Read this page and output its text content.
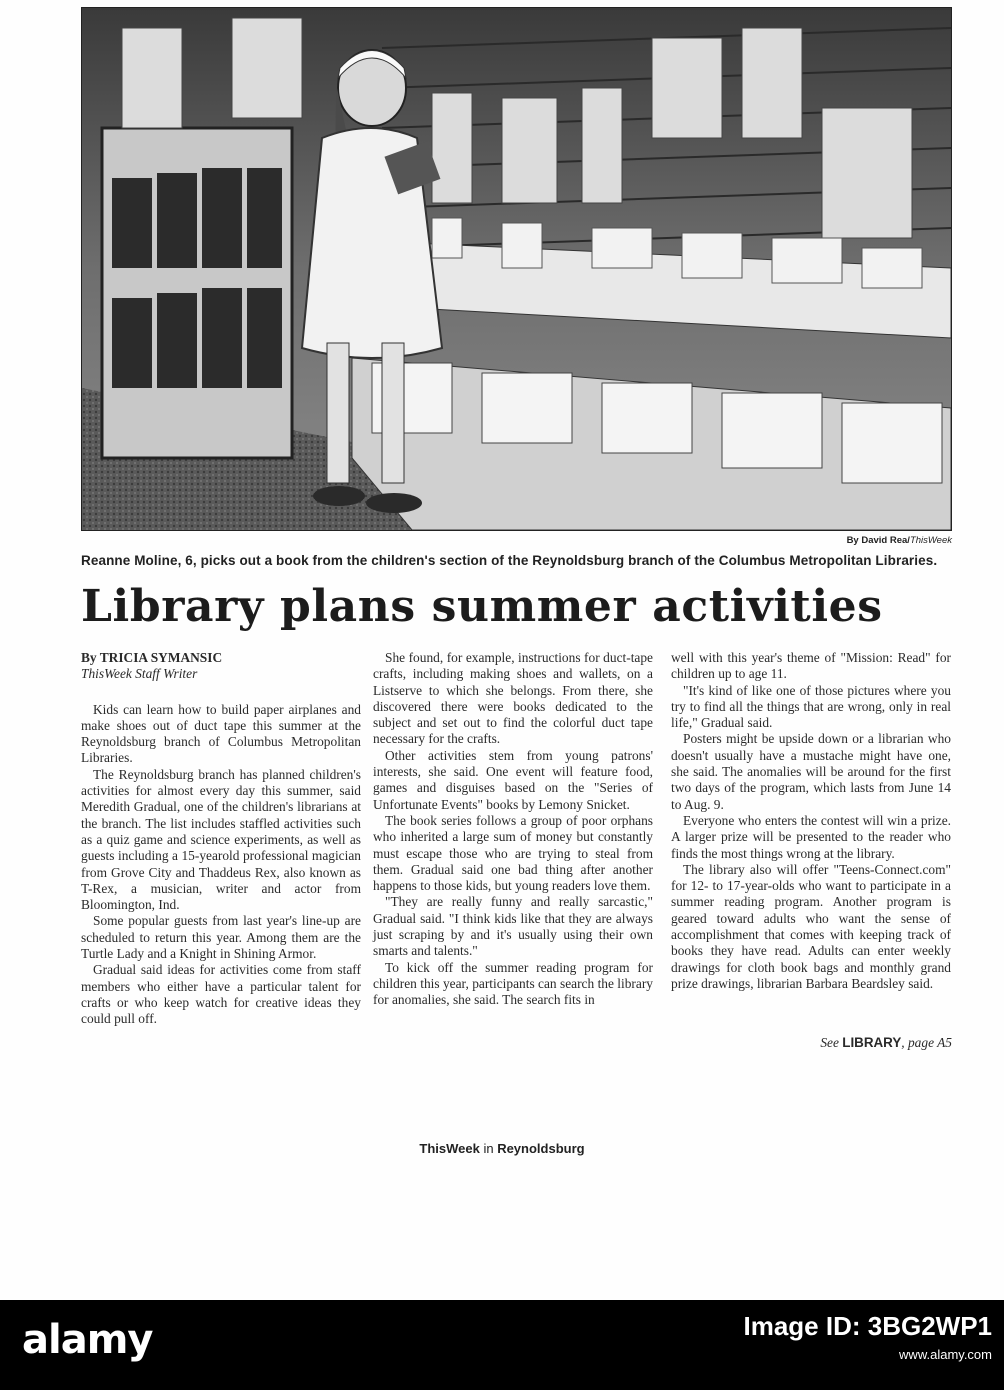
By David Rea/ThisWeek
Reanne Moline, 6, picks out a book from the children's section of the Reynoldsburg branch of the Columbus Metropolitan Libraries.
Library plans summer activities

By TRICIA SYMANSIC

ThisWeek Staff Writer

Kids can learn how to build paper airplanes and make shoes out of duct tape this summer at the Reynoldsburg branch of Columbus Metropolitan Libraries.

The Reynoldsburg branch has planned children's activities for almost every day this summer, said Meredith Gradual, one of the children's librarians at the branch. The list includes staffled activities such as a quiz game and science experiments, as well as guests including a 15-yearold professional magician from Grove City and Thaddeus Rex, also known as T-Rex, a musician, writer and actor from Bloomington, Ind.

Some popular guests from last year's line-up are scheduled to return this year. Among them are the Turtle Lady and a Knight in Shining Armor.

Gradual said ideas for activities come from staff members who either have a particular talent for crafts or who keep watch for creative ideas they could pull off.

She found, for example, instructions for duct-tape crafts, including making shoes and wallets, on a Listserve to which she belongs. From there, she discovered there were books dedicated to the subject and set out to find the colorful duct tape necessary for the crafts.

Other activities stem from young patrons' interests, she said. One event will feature food, games and disguises based on the "Series of Unfortunate Events" books by Lemony Snicket.

The book series follows a group of poor orphans who inherited a large sum of money but constantly must escape those who are trying to steal from them. Gradual said one bad thing after another happens to those kids, but young readers love them.

"They are really funny and really sarcastic," Gradual said. "I think kids like that they are always just scraping by and it's usually using their own smarts and talents."

To kick off the summer reading program for children this year, participants can search the library for anomalies, she said. The search fits in

well with this year's theme of "Mission: Read" for children up to age 11.

"It's kind of like one of those pictures where you try to find all the things that are wrong, only in real life," Gradual said.

Posters might be upside down or a librarian who doesn't usually have a mustache might have one, she said. The anomalies will be around for the first two days of the program, which lasts from June 14 to Aug. 9.

Everyone who enters the contest will win a prize. A larger prize will be presented to the reader who finds the most things wrong at the library.

The library also will offer "Teens-Connect.com" for 12- to 17-year-olds who want to participate in a summer reading program. Another program is geared toward adults who want the sense of accomplishment that comes with keeping track of books they have read. Adults can enter weekly drawings for cloth book bags and monthly grand prize drawings, librarian Barbara Beardsley said.

See LIBRARY, page A5
ThisWeek in Reynoldsburg
alamy	Image ID: 3BG2WP1
www.alamy.com
